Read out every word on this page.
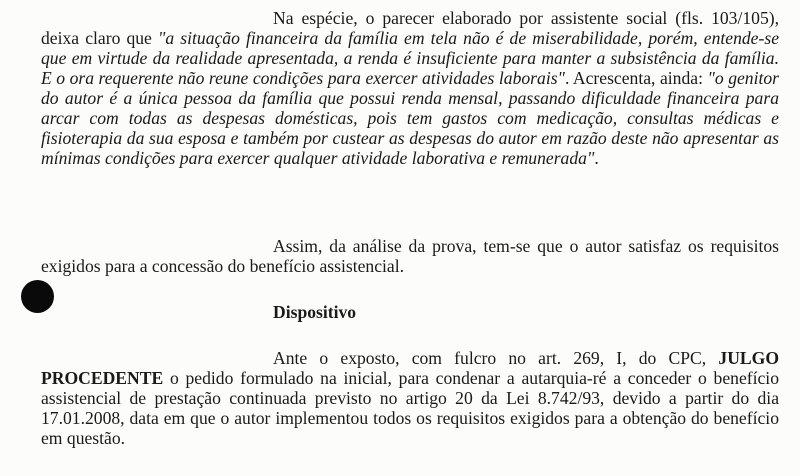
Na espécie, o parecer elaborado por assistente social (fls. 103/105), deixa claro que "a situação financeira da família em tela não é de miserabilidade, porém, entende-se que em virtude da realidade apresentada, a renda é insuficiente para manter a subsistência da família. E o ora requerente não reune condições para exercer atividades laborais". Acrescenta, ainda: "o genitor do autor é a única pessoa da família que possui renda mensal, passando dificuldade financeira para arcar com todas as despesas domésticas, pois tem gastos com medicação, consultas médicas e fisioterapia da sua esposa e também por custear as despesas do autor em razão deste não apresentar as mínimas condições para exercer qualquer atividade laborativa e remunerada".

Assim, da análise da prova, tem-se que o autor satisfaz os requisitos exigidos para a concessão do benefício assistencial.

Dispositivo

Ante o exposto, com fulcro no art. 269, I, do CPC, JULGO PROCEDENTE o pedido formulado na inicial, para condenar a autarquia-ré a conceder o benefício assistencial de prestação continuada previsto no artigo 20 da Lei 8.742/93, devido a partir do dia 17.01.2008, data em que o autor implementou todos os requisitos exigidos para a obtenção do benefício em questão.
